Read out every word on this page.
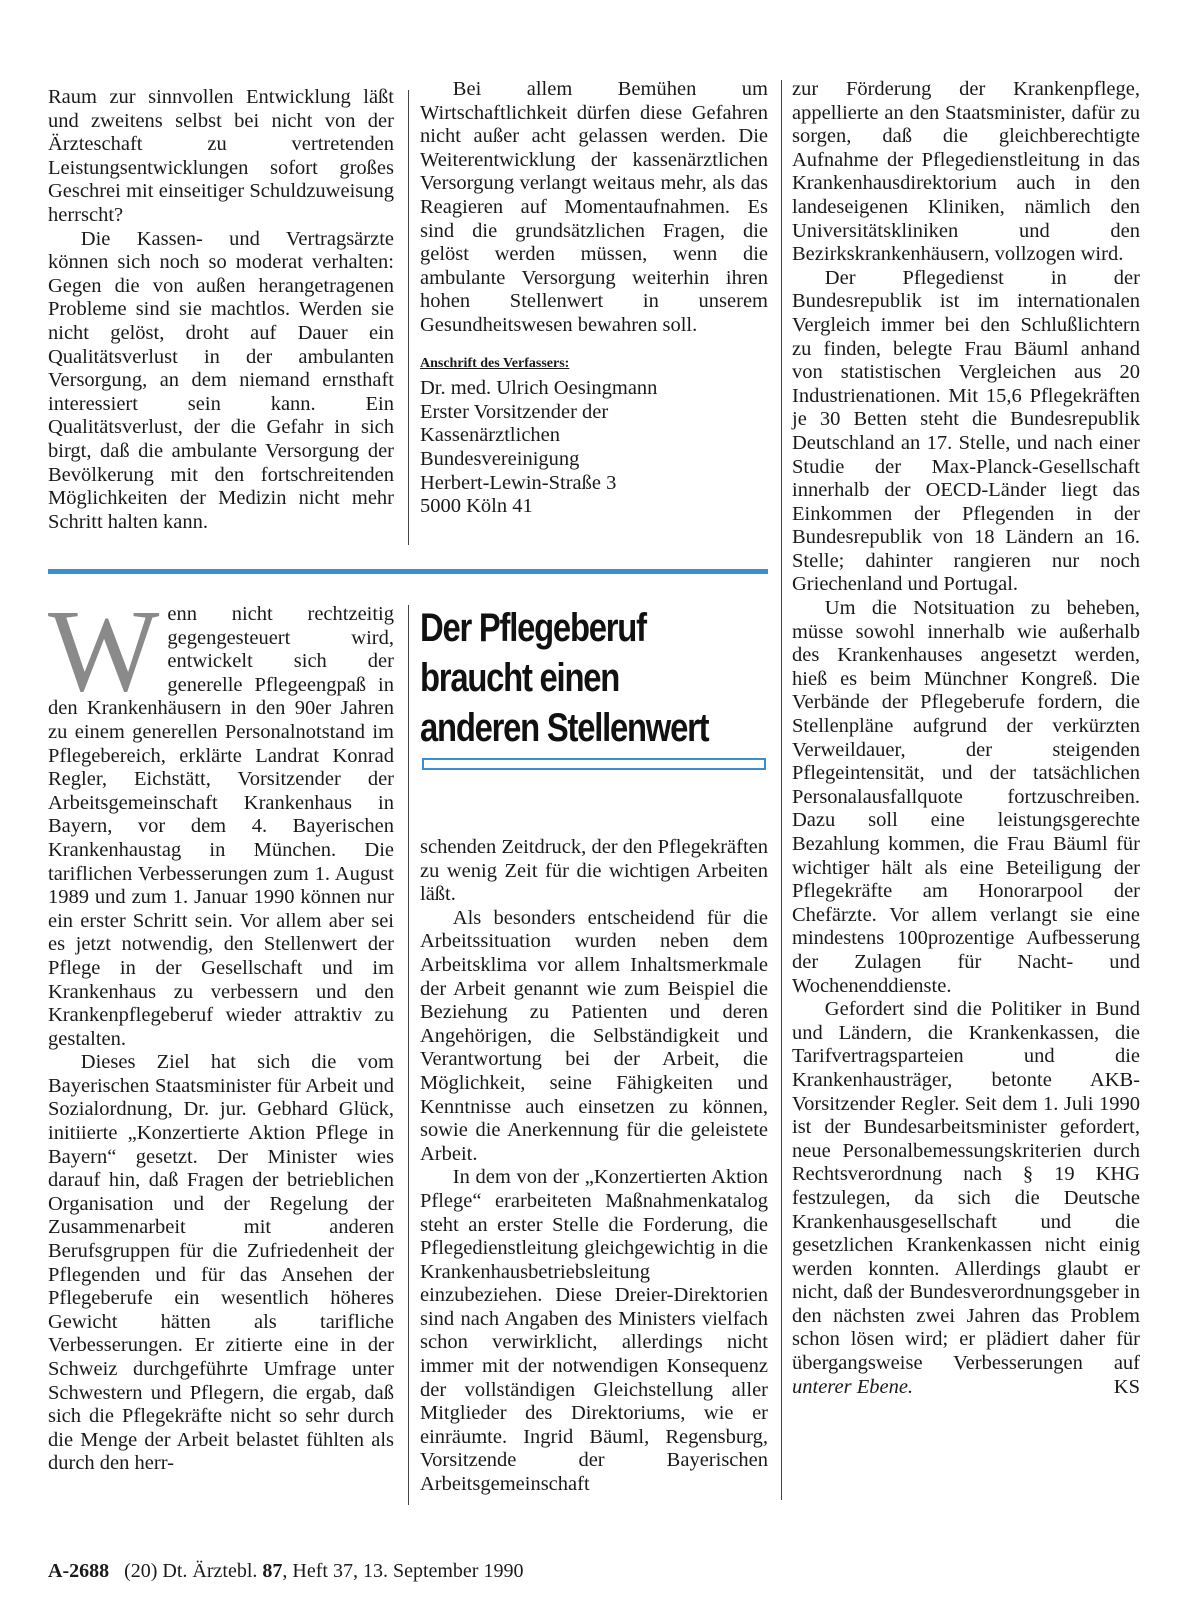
Raum zur sinnvollen Entwicklung läßt und zweitens selbst bei nicht von der Ärzteschaft zu vertretenden Leistungsentwicklungen sofort großes Geschrei mit einseitiger Schuldzuweisung herrscht?

Die Kassen- und Vertragsärzte können sich noch so moderat verhalten: Gegen die von außen herangetragenen Probleme sind sie machtlos. Werden sie nicht gelöst, droht auf Dauer ein Qualitätsverlust in der ambulanten Versorgung, an dem niemand ernsthaft interessiert sein kann. Ein Qualitätsverlust, der die Gefahr in sich birgt, daß die ambulante Versorgung der Bevölkerung mit den fortschreitenden Möglichkeiten der Medizin nicht mehr Schritt halten kann.

Bei allem Bemühen um Wirtschaftlichkeit dürfen diese Gefahren nicht außer acht gelassen werden. Die Weiterentwicklung der kassenärztlichen Versorgung verlangt weitaus mehr, als das Reagieren auf Momentaufnahmen. Es sind die grundsätzlichen Fragen, die gelöst werden müssen, wenn die ambulante Versorgung weiterhin ihren hohen Stellenwert in unserem Gesundheitswesen bewahren soll.

Anschrift des Verfassers:
Dr. med. Ulrich Oesingmann
Erster Vorsitzender der
Kassenärztlichen
Bundesvereinigung
Herbert-Lewin-Straße 3
5000 Köln 41

Wenn nicht rechtzeitig gegengesteuert wird, entwickelt sich der generelle Pflegeengpaß in den Krankenhäusern in den 90er Jahren zu einem generellen Personalnotstand im Pflegebereich, erklärte Landrat Konrad Regler, Eichstätt, Vorsitzender der Arbeitsgemeinschaft Krankenhaus in Bayern, vor dem 4. Bayerischen Krankenhaustag in München. Die tariflichen Verbesserungen zum 1. August 1989 und zum 1. Januar 1990 können nur ein erster Schritt sein. Vor allem aber sei es jetzt notwendig, den Stellenwert der Pflege in der Gesellschaft und im Krankenhaus zu verbessern und den Krankenpflegeberuf wieder attraktiv zu gestalten.

Dieses Ziel hat sich die vom Bayerischen Staatsminister für Arbeit und Sozialordnung, Dr. jur. Gebhard Glück, initiierte „Konzertierte Aktion Pflege in Bayern“ gesetzt. Der Minister wies darauf hin, daß Fragen der betrieblichen Organisation und der Regelung der Zusammenarbeit mit anderen Berufsgruppen für die Zufriedenheit der Pflegenden und für das Ansehen der Pflegeberufe ein wesentlich höheres Gewicht hätten als tarifliche Verbesserungen. Er zitierte eine in der Schweiz durchgeführte Umfrage unter Schwestern und Pflegern, die ergab, daß sich die Pflegekräfte nicht so sehr durch die Menge der Arbeit belastet fühlten als durch den herr-

Der Pflegeberuf
braucht einen
anderen Stellenwert

schenden Zeitdruck, der den Pflegekräften zu wenig Zeit für die wichtigen Arbeiten läßt.

Als besonders entscheidend für die Arbeitssituation wurden neben dem Arbeitsklima vor allem Inhaltsmerkmale der Arbeit genannt wie zum Beispiel die Beziehung zu Patienten und deren Angehörigen, die Selbständigkeit und Verantwortung bei der Arbeit, die Möglichkeit, seine Fähigkeiten und Kenntnisse auch einsetzen zu können, sowie die Anerkennung für die geleistete Arbeit.

In dem von der „Konzertierten Aktion Pflege“ erarbeiteten Maßnahmenkatalog steht an erster Stelle die Forderung, die Pflegedienstleitung gleichgewichtig in die Krankenhausbetriebsleitung einzubeziehen. Diese Dreier-Direktorien sind nach Angaben des Ministers vielfach schon verwirklicht, allerdings nicht immer mit der notwendigen Konsequenz der vollständigen Gleichstellung aller Mitglieder des Direktoriums, wie er einräumte. Ingrid Bäuml, Regensburg, Vorsitzende der Bayerischen Arbeitsgemeinschaft

zur Förderung der Krankenpflege, appellierte an den Staatsminister, dafür zu sorgen, daß die gleichberechtigte Aufnahme der Pflegedienstleitung in das Krankenhausdirektorium auch in den landeseigenen Kliniken, nämlich den Universitätskliniken und den Bezirkskrankenhäusern, vollzogen wird.

Der Pflegedienst in der Bundesrepublik ist im internationalen Vergleich immer bei den Schlußlichtern zu finden, belegte Frau Bäuml anhand von statistischen Vergleichen aus 20 Industrienationen. Mit 15,6 Pflegekräften je 30 Betten steht die Bundesrepublik Deutschland an 17. Stelle, und nach einer Studie der Max-Planck-Gesellschaft innerhalb der OECD-Länder liegt das Einkommen der Pflegenden in der Bundesrepublik von 18 Ländern an 16. Stelle; dahinter rangieren nur noch Griechenland und Portugal.

Um die Notsituation zu beheben, müsse sowohl innerhalb wie außerhalb des Krankenhauses angesetzt werden, hieß es beim Münchner Kongreß. Die Verbände der Pflegeberufe fordern, die Stellenpläne aufgrund der verkürzten Verweildauer, der steigenden Pflegeintensität, und der tatsächlichen Personalausfallquote fortzuschreiben. Dazu soll eine leistungsgerechte Bezahlung kommen, die Frau Bäuml für wichtiger hält als eine Beteiligung der Pflegekräfte am Honorarpool der Chefärzte. Vor allem verlangt sie eine mindestens 100prozentige Aufbesserung der Zulagen für Nacht- und Wochenenddienste.

Gefordert sind die Politiker in Bund und Ländern, die Krankenkassen, die Tarifvertragsparteien und die Krankenhausträger, betonte AKB-Vorsitzender Regler. Seit dem 1. Juli 1990 ist der Bundesarbeitsminister gefordert, neue Personalbemessungskriterien durch Rechtsverordnung nach § 19 KHG festzulegen, da sich die Deutsche Krankenhausgesellschaft und die gesetzlichen Krankenkassen nicht einig werden konnten. Allerdings glaubt er nicht, daß der Bundesverordnungsgeber in den nächsten zwei Jahren das Problem schon lösen wird; er plädiert daher für übergangsweise Verbesserungen auf unterer Ebene.	KS

A-2688 (20) Dt. Ärztebl. 87, Heft 37, 13. September 1990
